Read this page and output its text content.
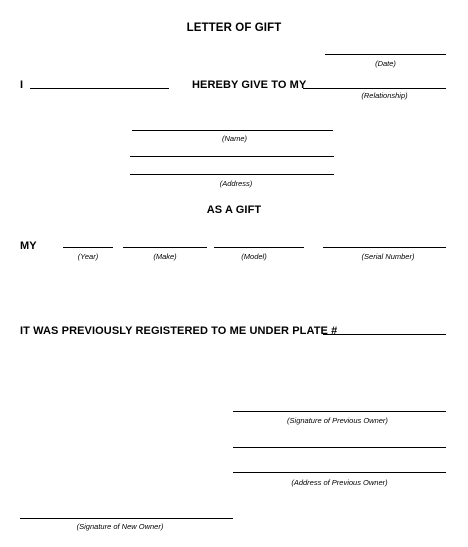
LETTER OF GIFT
(Date)
I	HEREBY GIVE TO MY
(Relationship)
(Name)
(Address)
AS A GIFT
MY
(Year)	(Make)	(Model)	(Serial Number)
IT WAS PREVIOUSLY REGISTERED TO ME UNDER PLATE #
(Signature of Previous Owner)
(Address of Previous Owner)
(Signature of New Owner)
